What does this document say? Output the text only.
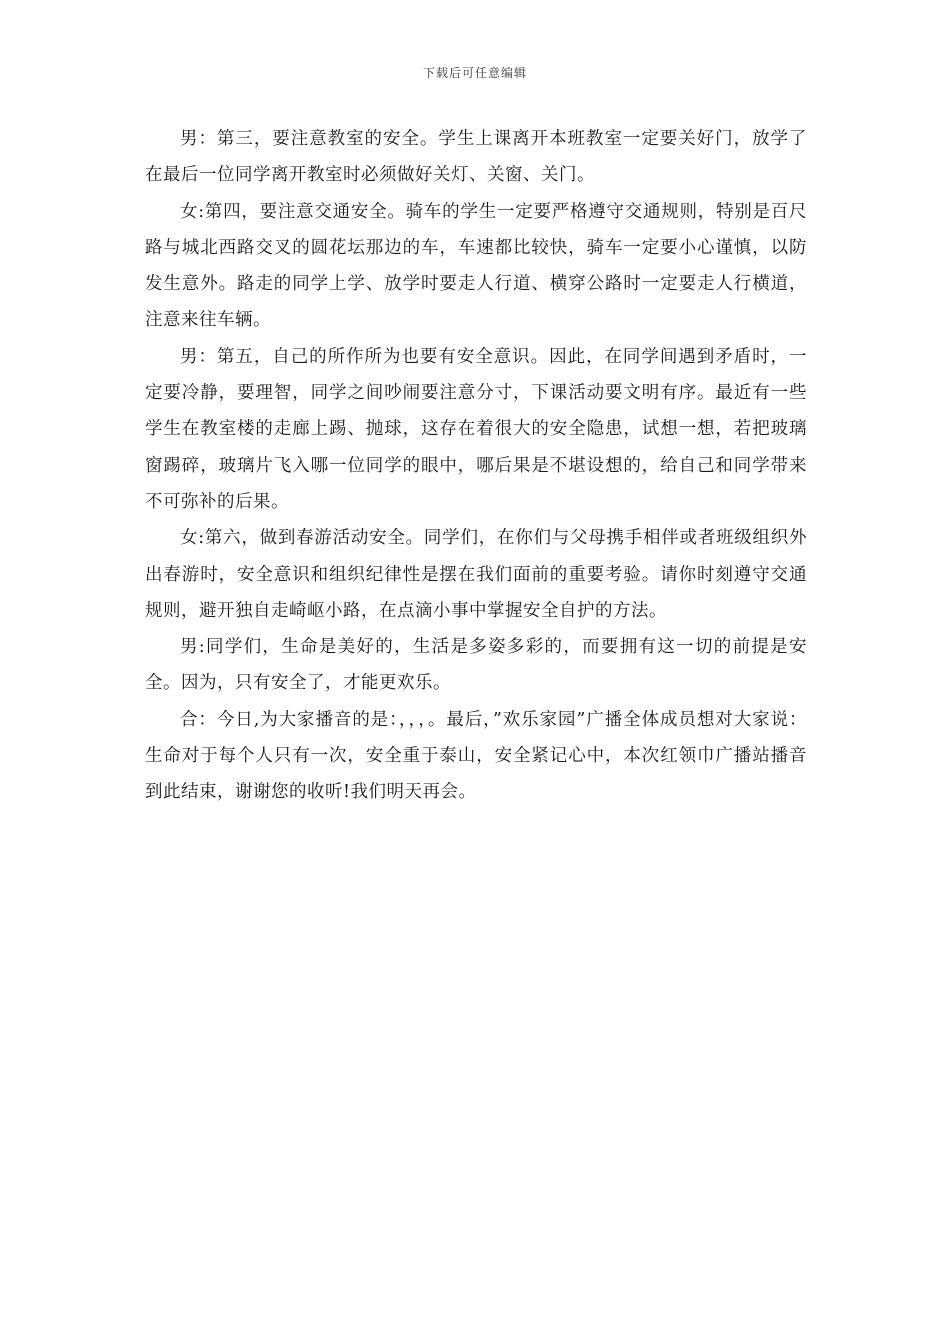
下载后可任意编辑

男：第三，要注意教室的安全。学生上课离开本班教室一定要关好门，放学了在最后一位同学离开教室时必须做好关灯、关窗、关门。

女:第四，要注意交通安全。骑车的学生一定要严格遵守交通规则，特别是百尺路与城北西路交叉的圆花坛那边的车，车速都比较快，骑车一定要小心谨慎，以防发生意外。路走的同学上学、放学时要走人行道、横穿公路时一定要走人行横道，注意来往车辆。

男：第五，自己的所作所为也要有安全意识。因此，在同学间遇到矛盾时，一定要冷静，要理智，同学之间吵闹要注意分寸，下课活动要文明有序。最近有一些学生在教室楼的走廊上踢、抛球，这存在着很大的安全隐患，试想一想，若把玻璃窗踢碎，玻璃片飞入哪一位同学的眼中，哪后果是不堪设想的，给自己和同学带来不可弥补的后果。

女:第六，做到春游活动安全。同学们，在你们与父母携手相伴或者班级组织外出春游时，安全意识和组织纪律性是摆在我们面前的重要考验。请你时刻遵守交通规则，避开独自走崎岖小路，在点滴小事中掌握安全自护的方法。

男:同学们，生命是美好的，生活是多姿多彩的，而要拥有这一切的前提是安全。因为，只有安全了，才能更欢乐。

合：今日,为大家播音的是：，，，。最后，”欢乐家园”广播全体成员想对大家说：生命对于每个人只有一次，安全重于泰山，安全紧记心中，本次红领巾广播站播音到此结束，谢谢您的收听!我们明天再会。
